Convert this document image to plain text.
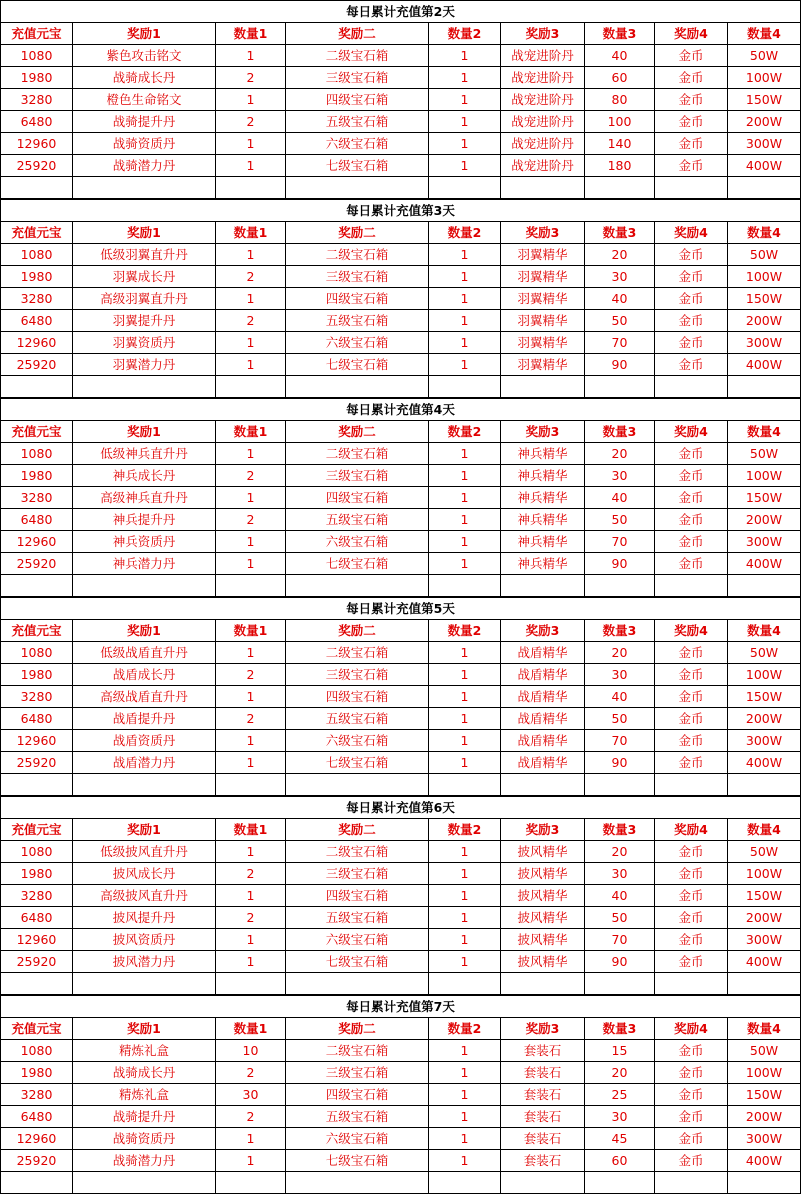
每日累计充值第2天								
充值元宝	奖励1	数量1	奖励二	数量2	奖励3	数量3	奖励4	数量4
1080	紫色攻击铭文	1	二级宝石箱	1	战宠进阶丹	40	金币	50W
1980	战骑成长丹	2	三级宝石箱	1	战宠进阶丹	60	金币	100W
3280	橙色生命铭文	1	四级宝石箱	1	战宠进阶丹	80	金币	150W
6480	战骑提升丹	2	五级宝石箱	1	战宠进阶丹	100	金币	200W
12960	战骑资质丹	1	六级宝石箱	1	战宠进阶丹	140	金币	300W
25920	战骑潜力丹	1	七级宝石箱	1	战宠进阶丹	180	金币	400W

每日累计充值第3天								
充值元宝	奖励1	数量1	奖励二	数量2	奖励3	数量3	奖励4	数量4
1080	低级羽翼直升丹	1	二级宝石箱	1	羽翼精华	20	金币	50W
1980	羽翼成长丹	2	三级宝石箱	1	羽翼精华	30	金币	100W
3280	高级羽翼直升丹	1	四级宝石箱	1	羽翼精华	40	金币	150W
6480	羽翼提升丹	2	五级宝石箱	1	羽翼精华	50	金币	200W
12960	羽翼资质丹	1	六级宝石箱	1	羽翼精华	70	金币	300W
25920	羽翼潜力丹	1	七级宝石箱	1	羽翼精华	90	金币	400W

每日累计充值第4天								
充值元宝	奖励1	数量1	奖励二	数量2	奖励3	数量3	奖励4	数量4
1080	低级神兵直升丹	1	二级宝石箱	1	神兵精华	20	金币	50W
1980	神兵成长丹	2	三级宝石箱	1	神兵精华	30	金币	100W
3280	高级神兵直升丹	1	四级宝石箱	1	神兵精华	40	金币	150W
6480	神兵提升丹	2	五级宝石箱	1	神兵精华	50	金币	200W
12960	神兵资质丹	1	六级宝石箱	1	神兵精华	70	金币	300W
25920	神兵潜力丹	1	七级宝石箱	1	神兵精华	90	金币	400W

每日累计充值第5天								
充值元宝	奖励1	数量1	奖励二	数量2	奖励3	数量3	奖励4	数量4
1080	低级战盾直升丹	1	二级宝石箱	1	战盾精华	20	金币	50W
1980	战盾成长丹	2	三级宝石箱	1	战盾精华	30	金币	100W
3280	高级战盾直升丹	1	四级宝石箱	1	战盾精华	40	金币	150W
6480	战盾提升丹	2	五级宝石箱	1	战盾精华	50	金币	200W
12960	战盾资质丹	1	六级宝石箱	1	战盾精华	70	金币	300W
25920	战盾潜力丹	1	七级宝石箱	1	战盾精华	90	金币	400W

每日累计充值第6天								
充值元宝	奖励1	数量1	奖励二	数量2	奖励3	数量3	奖励4	数量4
1080	低级披风直升丹	1	二级宝石箱	1	披风精华	20	金币	50W
1980	披风成长丹	2	三级宝石箱	1	披风精华	30	金币	100W
3280	高级披风直升丹	1	四级宝石箱	1	披风精华	40	金币	150W
6480	披风提升丹	2	五级宝石箱	1	披风精华	50	金币	200W
12960	披风资质丹	1	六级宝石箱	1	披风精华	70	金币	300W
25920	披风潜力丹	1	七级宝石箱	1	披风精华	90	金币	400W

每日累计充值第7天								
充值元宝	奖励1	数量1	奖励二	数量2	奖励3	数量3	奖励4	数量4
1080	精炼礼盒	10	二级宝石箱	1	套装石	15	金币	50W
1980	战骑成长丹	2	三级宝石箱	1	套装石	20	金币	100W
3280	精炼礼盒	30	四级宝石箱	1	套装石	25	金币	150W
6480	战骑提升丹	2	五级宝石箱	1	套装石	30	金币	200W
12960	战骑资质丹	1	六级宝石箱	1	套装石	45	金币	300W
25920	战骑潜力丹	1	七级宝石箱	1	套装石	60	金币	400W
